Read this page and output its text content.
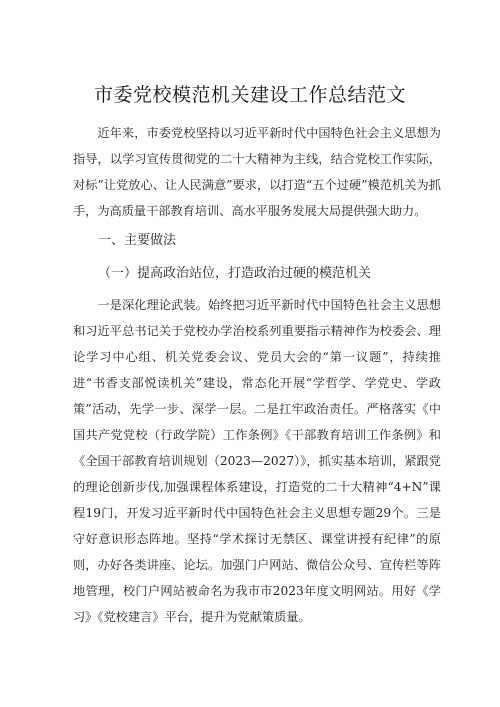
市委党校模范机关建设工作总结范文

近年来，市委党校坚持以习近平新时代中国特色社会主义思想为指导，以学习宣传贯彻党的二十大精神为主线，结合党校工作实际，对标”让党放心、让人民满意”要求，以打造“五个过硬”模范机关为抓手，为高质量干部教育培训、高水平服务发展大局提供强大助力。

一、主要做法

（一）提高政治站位，打造政治过硬的模范机关

一是深化理论武装。始终把习近平新时代中国特色社会主义思想和习近平总书记关于党校办学治校系列重要指示精神作为校委会、理论学习中心组、机关党委会议、党员大会的“第一议题”，持续推进“书香支部悦读机关”建设，常态化开展“学哲学、学党史、学政策”活动，先学一步、深学一层。二是扛牢政治责任。严格落实《中国共产党党校（行政学院）工作条例》《干部教育培训工作条例》和《全国干部教育培训规划（2023—2027）》，抓实基本培训，紧跟党的理论创新步伐,加强课程体系建设，打造党的二十大精神“4+N”课程19门，开发习近平新时代中国特色社会主义思想专题29个。三是守好意识形态阵地。坚持“学术探讨无禁区、课堂讲授有纪律”的原则，办好各类讲座、论坛。加强门户网站、微信公众号、宣传栏等阵地管理，校门户网站被命名为我市市2023年度文明网站。用好《学习》《党校建言》平台，提升为党献策质量。
